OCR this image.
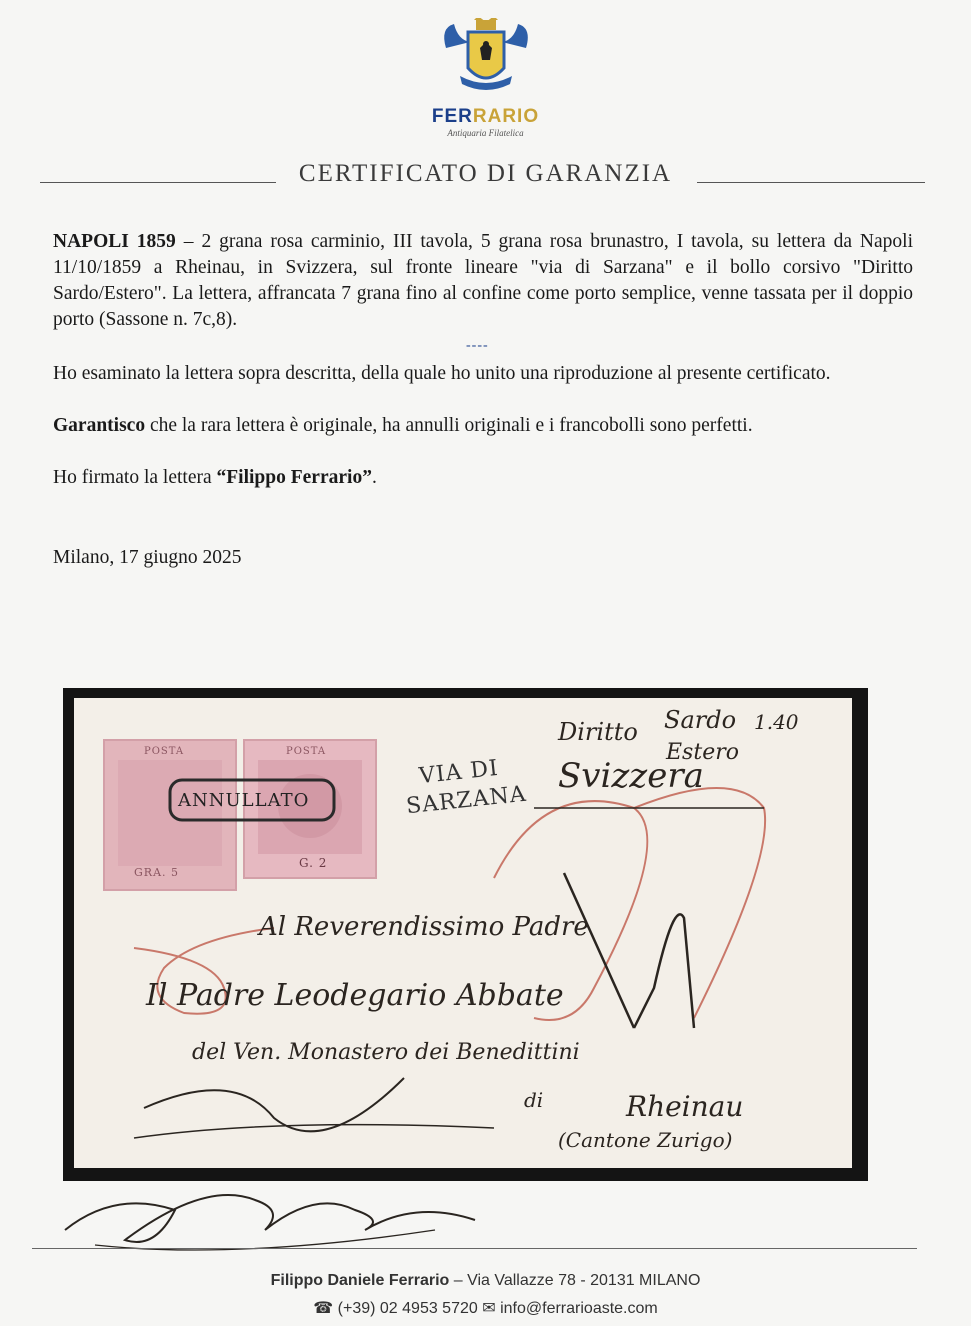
FERRARIO
Antiquaria Filatelica
CERTIFICATO DI GARANZIA
NAPOLI 1859 – 2 grana rosa carminio, III tavola, 5 grana rosa brunastro, I tavola, su lettera da Napoli 11/10/1859 a Rheinau, in Svizzera, sul fronte lineare "via di Sarzana" e il bollo corsivo "Diritto Sardo/Estero". La lettera, affrancata 7 grana fino al confine come porto semplice, venne tassata per il doppio porto (Sassone n. 7c,8).
----
Ho esaminato la lettera sopra descritta, della quale ho unito una riproduzione al presente certificato.
Garantisco che la rara lettera è originale, ha annulli originali e i francobolli sono perfetti.
Ho firmato la lettera “Filippo Ferrario”.
Milano, 17 giugno 2025
POSTA
GRA. 5
POSTA
G. 2
ANNULLATO
VIA DI
SARZANA
Diritto Sardo 1.40
Estero
Svizzera
Al Reverendissimo Padre
Il Padre Leodegario Abbate
del Ven. Monastero dei Benedittini
di	Rheinau
(Cantone Zurigo)
Filippo Daniele Ferrario – Via Vallazze 78 - 20131 MILANO
☎ (+39) 02 4953 5720 ✉ info@ferrarioaste.com
